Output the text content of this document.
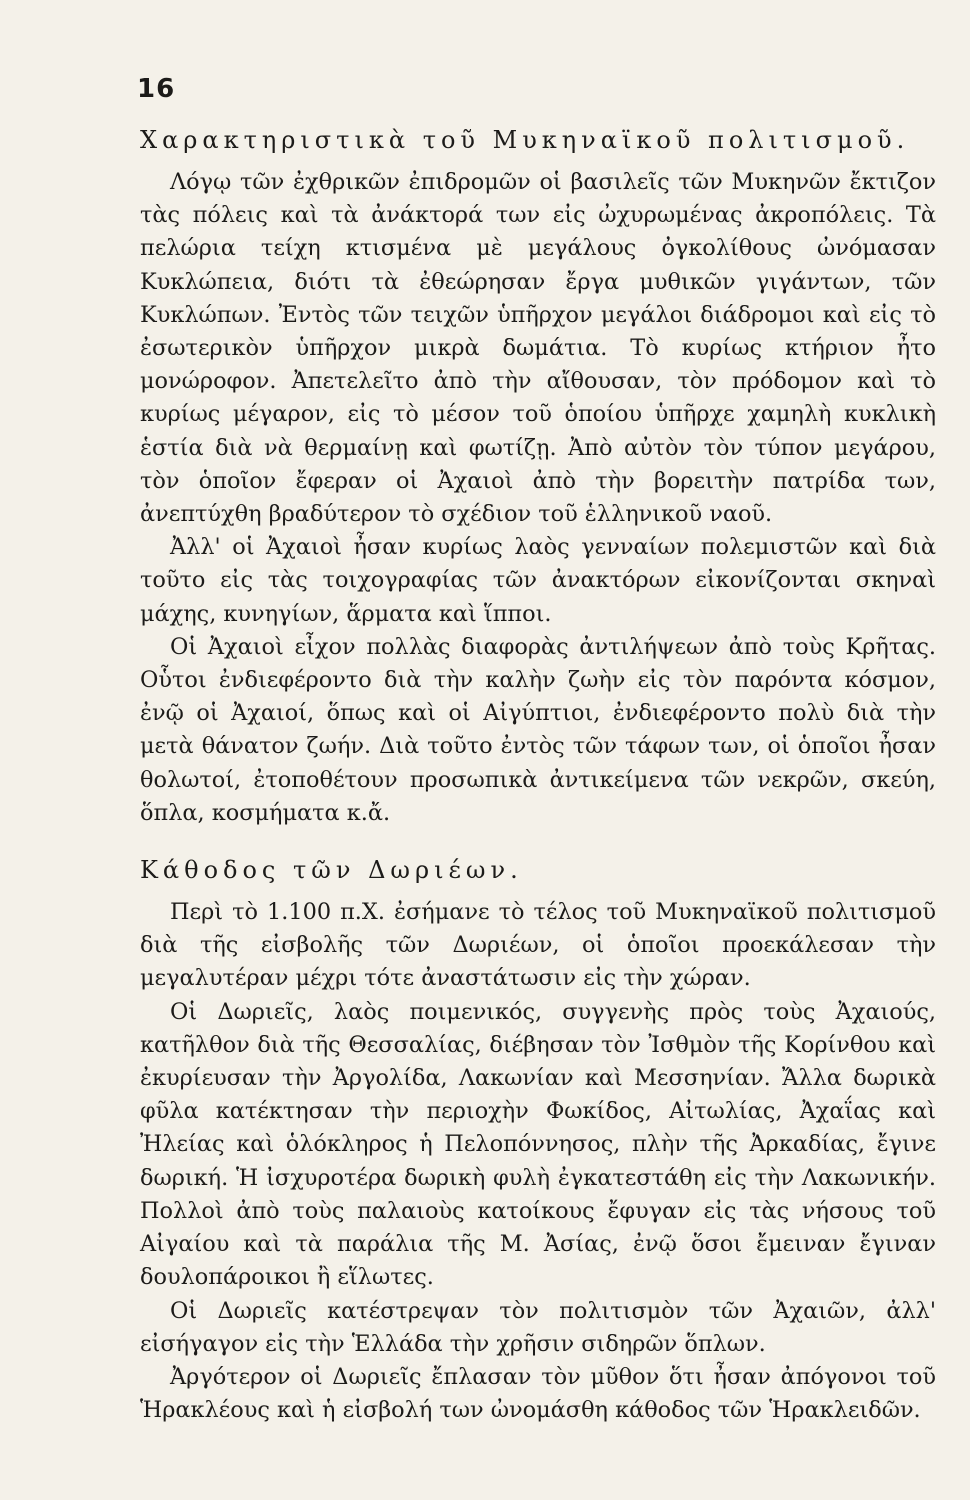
16
Χαρακτηριστικὰ τοῦ Μυκηναϊκοῦ πολιτισμοῦ.

Λόγῳ τῶν ἐχθρικῶν ἐπιδρομῶν οἱ βασιλεῖς τῶν Μυκηνῶν ἔκτιζον τὰς πόλεις καὶ τὰ ἀνάκτορά των εἰς ὠχυρωμένας ἀκροπόλεις. Τὰ πελώρια τείχη κτισμένα μὲ μεγάλους ὀγκολίθους ὠνόμασαν Κυκλώπεια, διότι τὰ ἐθεώρησαν ἔργα μυθικῶν γιγάντων, τῶν Κυκλώπων. Ἐντὸς τῶν τειχῶν ὑπῆρχον μεγάλοι διάδρομοι καὶ εἰς τὸ ἐσωτερικὸν ὑπῆρχον μικρὰ δωμάτια. Τὸ κυρίως κτήριον ἦτο μονώροφον. Ἀπετελεῖτο ἀπὸ τὴν αἴθουσαν, τὸν πρόδομον καὶ τὸ κυρίως μέγαρον, εἰς τὸ μέσον τοῦ ὁποίου ὑπῆρχε χαμηλὴ κυκλικὴ ἑστία διὰ νὰ θερμαίνῃ καὶ φωτίζῃ. Ἀπὸ αὐτὸν τὸν τύπον μεγάρου, τὸν ὁποῖον ἔφεραν οἱ Ἀχαιοὶ ἀπὸ τὴν βορειτὴν πατρίδα των, ἀνεπτύχθη βραδύτερον τὸ σχέδιον τοῦ ἑλληνικοῦ ναοῦ.

Ἀλλ' οἱ Ἀχαιοὶ ἦσαν κυρίως λαὸς γενναίων πολεμιστῶν καὶ διὰ τοῦτο εἰς τὰς τοιχογραφίας τῶν ἀνακτόρων εἰκονίζονται σκηναὶ μάχης, κυνηγίων, ἅρματα καὶ ἵπποι.

Οἱ Ἀχαιοὶ εἶχον πολλὰς διαφορὰς ἀντιλήψεων ἀπὸ τοὺς Κρῆτας. Οὗτοι ἐνδιεφέροντο διὰ τὴν καλὴν ζωὴν εἰς τὸν παρόντα κόσμον, ἐνῷ οἱ Ἀχαιοί, ὅπως καὶ οἱ Αἰγύπτιοι, ἐνδιεφέροντο πολὺ διὰ τὴν μετὰ θάνατον ζωήν. Διὰ τοῦτο ἐντὸς τῶν τάφων των, οἱ ὁποῖοι ἦσαν θολωτοί, ἐτοποθέτουν προσωπικὰ ἀντικείμενα τῶν νεκρῶν, σκεύη, ὅπλα, κοσμήματα κ.ἄ.

Κάθοδος τῶν Δωριέων.

Περὶ τὸ 1.100 π.Χ. ἐσήμανε τὸ τέλος τοῦ Μυκηναϊκοῦ πολιτισμοῦ διὰ τῆς εἰσβολῆς τῶν Δωριέων, οἱ ὁποῖοι προεκάλεσαν τὴν μεγαλυτέραν μέχρι τότε ἀναστάτωσιν εἰς τὴν χώραν.

Οἱ Δωριεῖς, λαὸς ποιμενικός, συγγενὴς πρὸς τοὺς Ἀχαιούς, κατῆλθον διὰ τῆς Θεσσαλίας, διέβησαν τὸν Ἰσθμὸν τῆς Κορίνθου καὶ ἐκυρίευσαν τὴν Ἀργολίδα, Λακωνίαν καὶ Μεσσηνίαν. Ἄλλα δωρικὰ φῦλα κατέκτησαν τὴν περιοχὴν Φωκίδος, Αἰτωλίας, Ἀχαΐας καὶ Ἠλείας καὶ ὁλόκληρος ἡ Πελοπόννησος, πλὴν τῆς Ἀρκαδίας, ἔγινε δωρική. Ἡ ἰσχυροτέρα δωρικὴ φυλὴ ἐγκατεστάθη εἰς τὴν Λακωνικήν. Πολλοὶ ἀπὸ τοὺς παλαιοὺς κατοίκους ἔφυγαν εἰς τὰς νήσους τοῦ Αἰγαίου καὶ τὰ παράλια τῆς Μ. Ἀσίας, ἐνῷ ὅσοι ἔμειναν ἔγιναν δουλοπάροικοι ἢ εἵλωτες.

Οἱ Δωριεῖς κατέστρεψαν τὸν πολιτισμὸν τῶν Ἀχαιῶν, ἀλλ' εἰσήγαγον εἰς τὴν Ἑλλάδα τὴν χρῆσιν σιδηρῶν ὅπλων.

Ἀργότερον οἱ Δωριεῖς ἔπλασαν τὸν μῦθον ὅτι ἦσαν ἀπόγονοι τοῦ Ἡρακλέους καὶ ἡ εἰσβολή των ὠνομάσθη κάθοδος τῶν Ἡρακλειδῶν.
